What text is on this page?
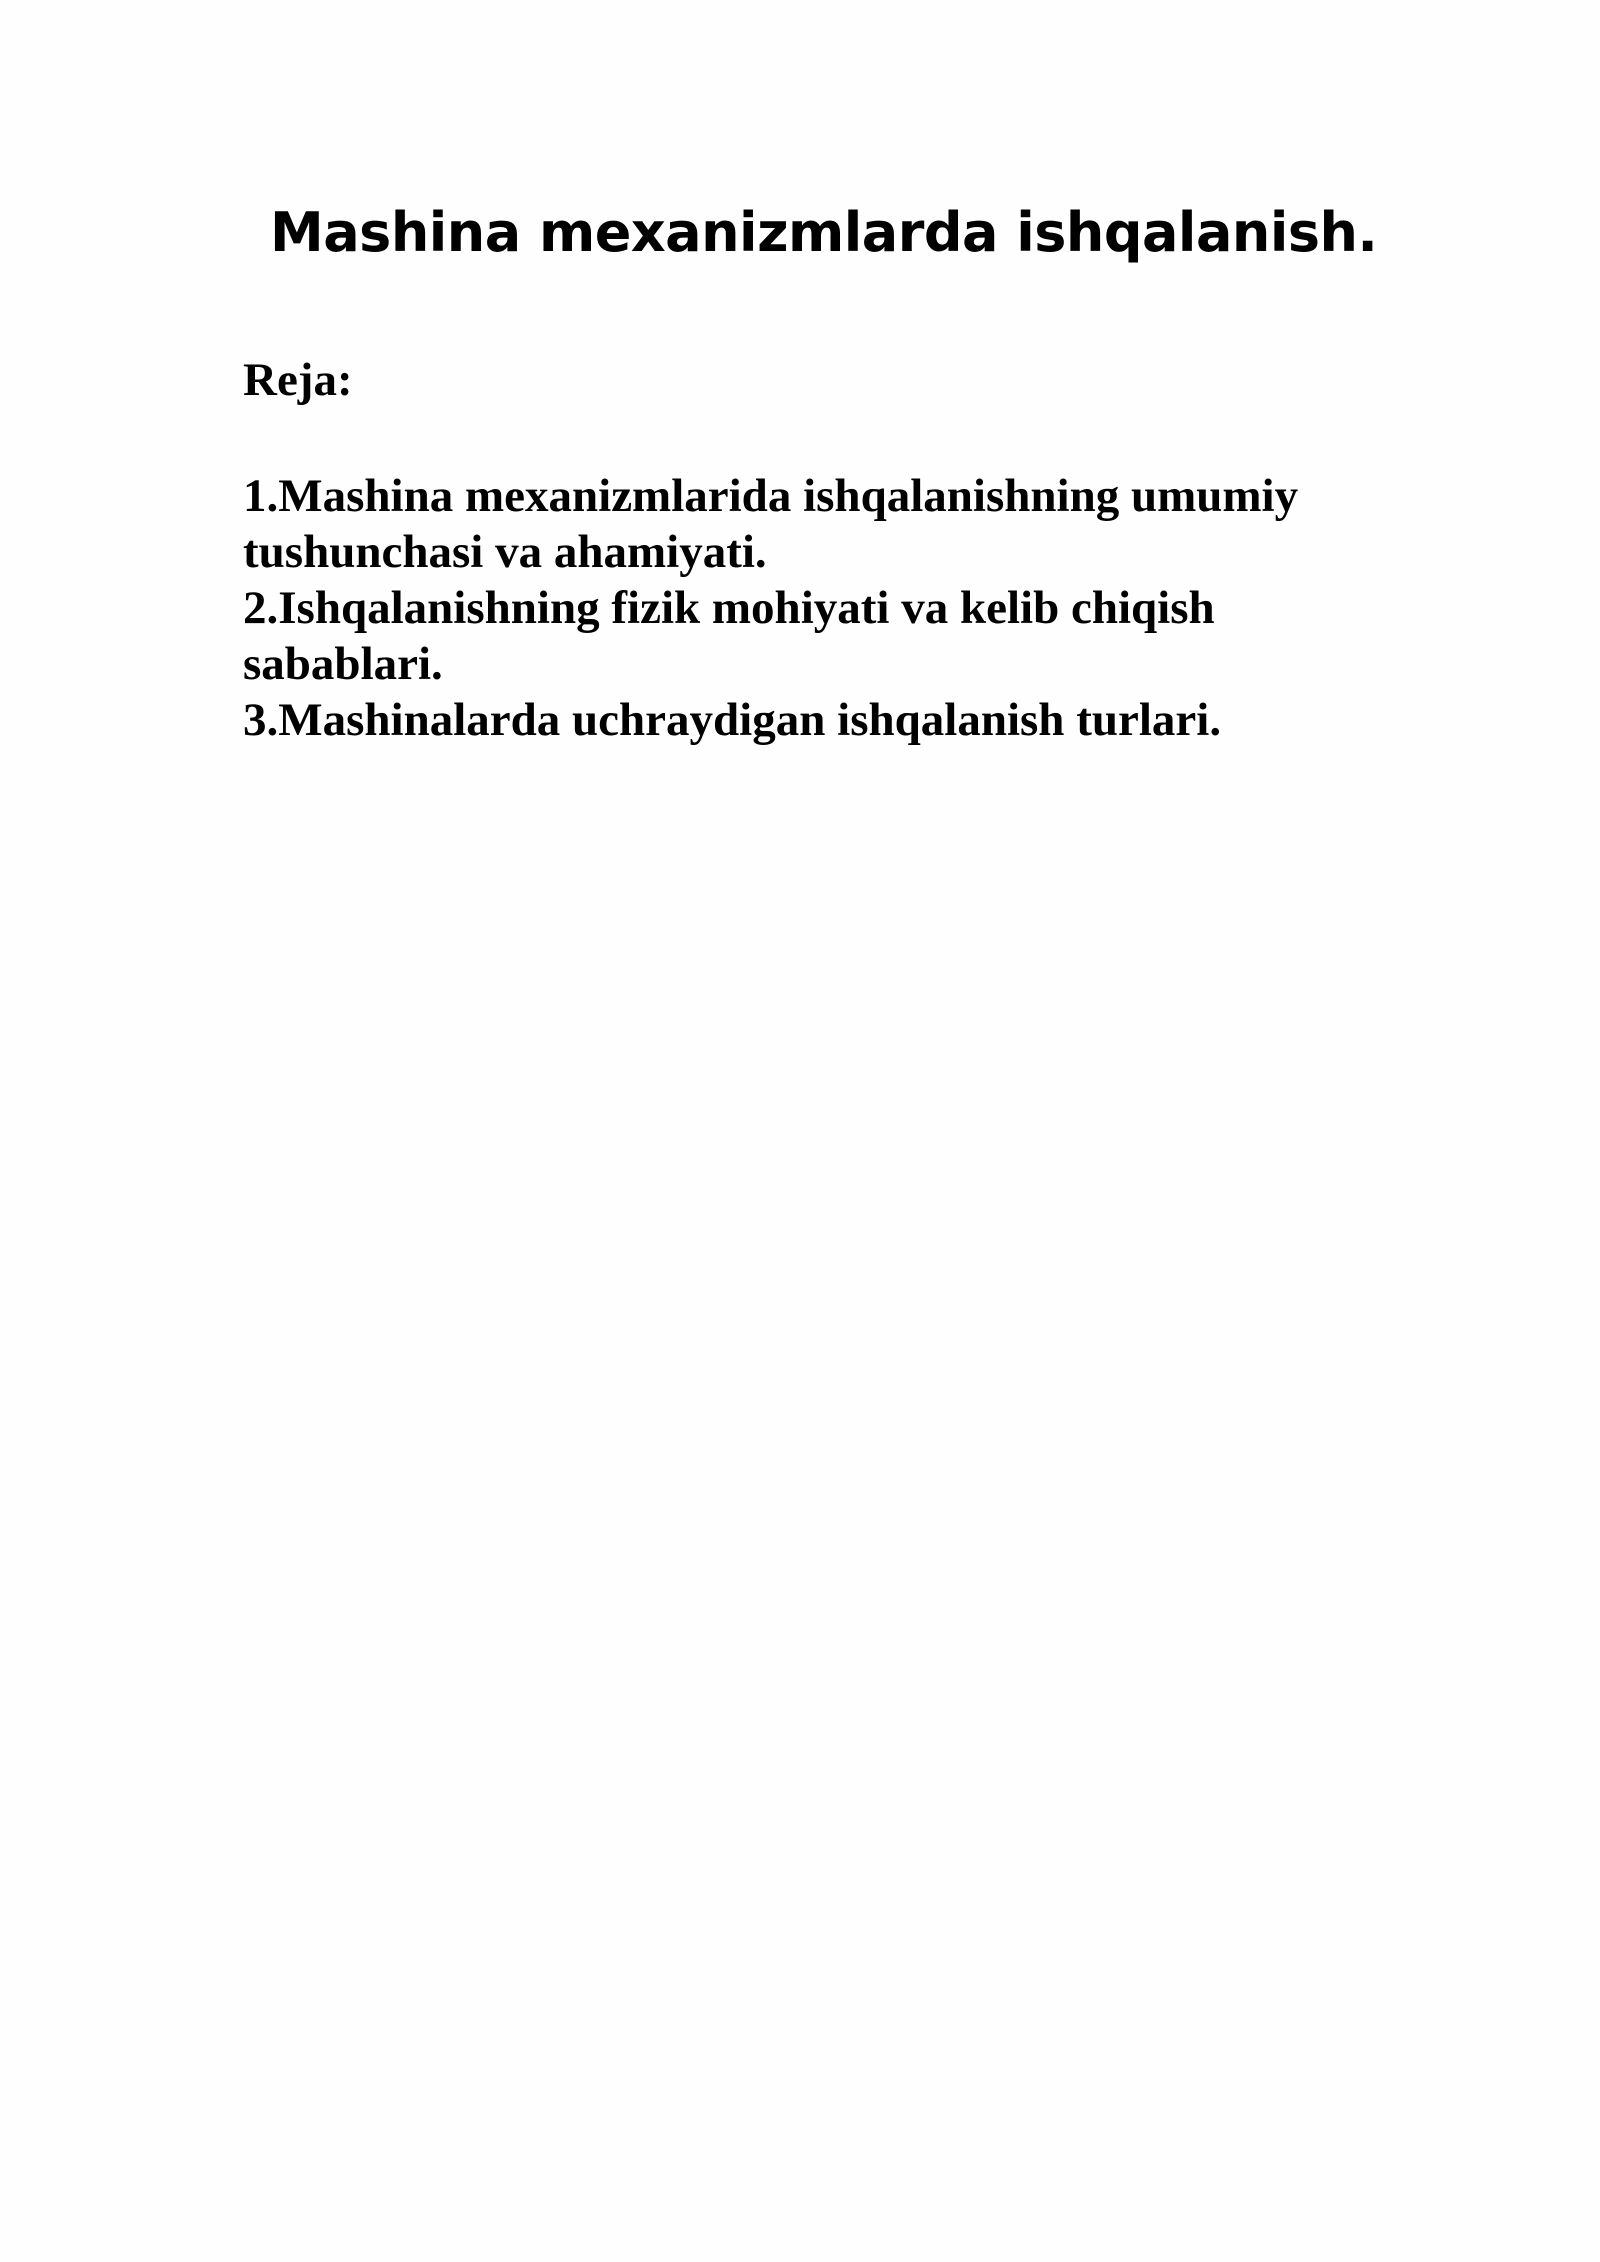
Mashina mexanizmlarda ishqalanish.
Reja:
1.Mashina mexanizmlarida ishqalanishning umumiy tushunchasi va ahamiyati.
2.Ishqalanishning fizik mohiyati va kelib chiqish sabablari.
3.Mashinalarda uchraydigan ishqalanish turlari.
